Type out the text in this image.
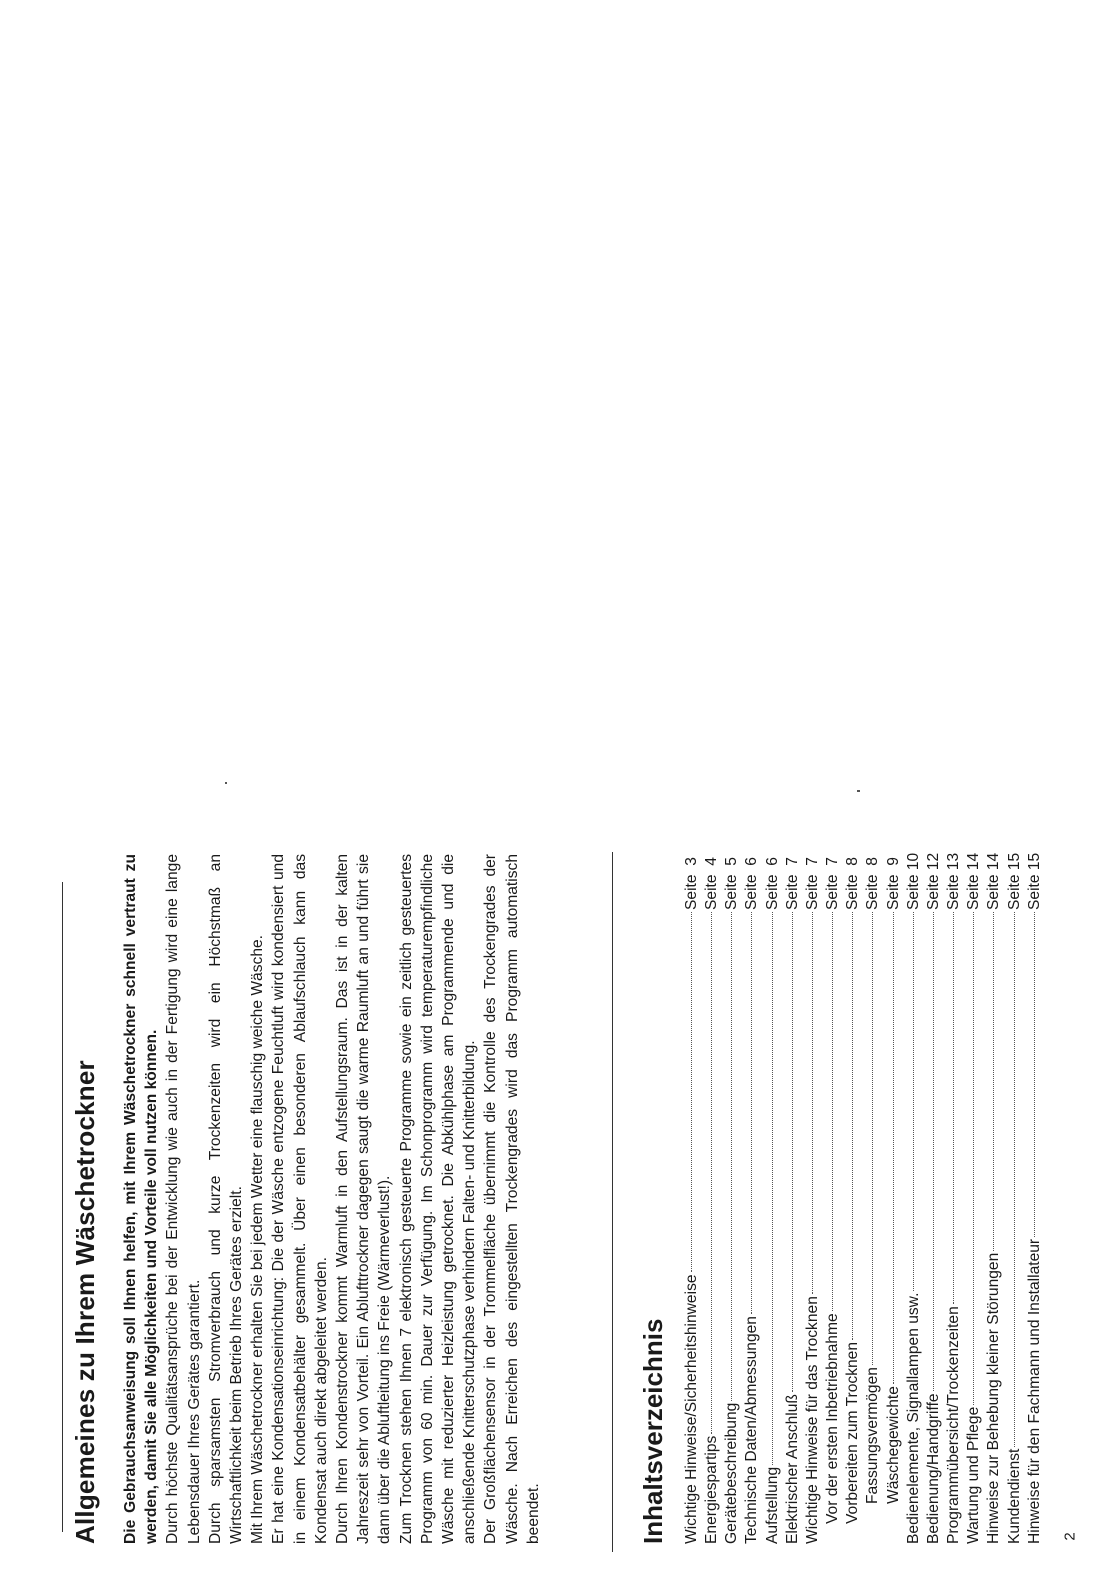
Allgemeines zu Ihrem Wäschetrockner Die Gebrauchsanweisung soll Ihnen helfen, mit Ihrem Wäschetrockner schnell vertraut zu werden, damit Sie alle Möglichkeiten und Vorteile voll nutzen können. Durch höchste Qualitätsansprüche bei der Entwicklung wie auch in der Fertigung wird eine lange Lebensdauer Ihres Gerätes garantiert. Durch sparsamsten Stromverbrauch und kurze Trockenzeiten wird ein Höchstmaß an Wirtschaftlichkeit beim Betrieb Ihres Gerätes erzielt. Mit Ihrem Wäschetrockner erhalten Sie bei jedem Wetter eine flauschig weiche Wäsche. Er hat eine Kondensationseinrichtung: Die der Wäsche entzogene Feuchtluft wird kondensiert und in einem Kondensatbehälter gesammelt. Über einen besonderen Ablaufschlauch kann das Kondensat auch direkt abgeleitet werden. Durch Ihren Kondenstrockner kommt Warmluft in den Aufstellungsraum. Das ist in der kalten Jahreszeit sehr von Vorteil. Ein Ablufttrockner dagegen saugt die warme Raumluft an und führt sie dann über die Abluftleitung ins Freie (Wärmeverlust!). Zum Trocknen stehen Ihnen 7 elektronisch gesteuerte Programme sowie ein zeitlich gesteuertes Programm von 60 min. Dauer zur Verfügung. Im Schonprogramm wird temperaturempfindliche Wäsche mit reduzierter Heizleistung getrocknet. Die Abkühlphase am Programmende und die anschließende Knitterschutzphase verhindern Falten- und Knitterbildung. Der Großflächensensor in der Trommelfläche übernimmt die Kontrolle des Trockengrades der Wäsche. Nach Erreichen des eingestellten Trockengrades wird das Programm automatisch beendet.	Inhaltsverzeichnis Wichtige Hinweise/Sicherheitshinweise
Seite  3
Energiespartips
Seite  4
Gerätebeschreibung
Seite  5
Technische Daten/Abmessungen
Seite  6
Aufstellung
Seite  6
Elektrischer Anschluß
Seite  7
Wichtige Hinweise für das Trocknen
Seite  7
Vor der ersten Inbetriebnahme
Seite  7
Vorbereiten zum Trocknen
Seite  8
Fassungsvermögen
Seite  8
Wäschegewichte
Seite  9
Bedienelemente, Signallampen usw.
Seite 10
Bedienung/Handgriffe
Seite 12
Programmübersicht/Trockenzeiten
Seite 13
Wartung und Pflege
Seite 14
Hinweise zur Behebung kleiner Störungen
Seite 14
Kundendienst
Seite 15
Hinweise für den Fachmann und Installateur
Seite 15
2
